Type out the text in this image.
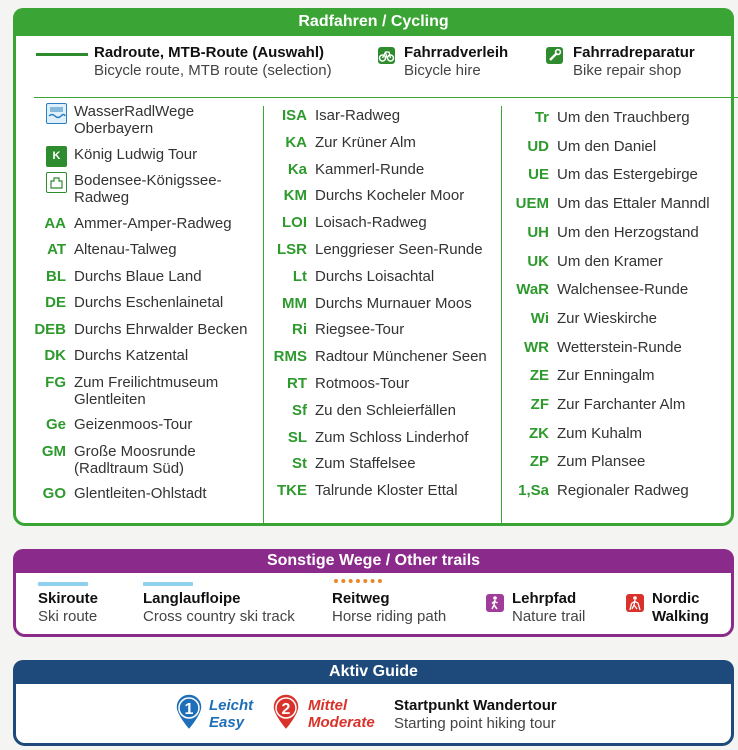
Radfahren / Cycling
Radroute, MTB-Route (Auswahl)
Bicycle route, MTB route (selection)
Fahrradverleih
Bicycle hire
Fahrradreparatur
Bike repair shop
WasserRadlWege
Oberbayern
K König Ludwig Tour
Bodensee-Königssee-
Radweg
AA Ammer-Amper-Radweg
AT Altenau-Talweg
BL Durchs Blaue Land
DE Durchs Eschenlainetal
DEB Durchs Ehrwalder Becken
DK Durchs Katzental
FG Zum Freilichtmuseum
Glentleiten
Ge Geizenmoos-Tour
GM Große Moosrunde
(Radltraum Süd)
GO Glentleiten-Ohlstadt
ISA Isar-Radweg
KA Zur Krüner Alm
Ka Kammerl-Runde
KM Durchs Kocheler Moor
LOI Loisach-Radweg
LSR Lenggrieser Seen-Runde
Lt Durchs Loisachtal
MM Durchs Murnauer Moos
Ri Riegsee-Tour
RMS Radtour Münchener Seen
RT Rotmoos-Tour
Sf Zu den Schleierfällen
SL Zum Schloss Linderhof
St Zum Staffelsee
TKE Talrunde Kloster Ettal
Tr Um den Trauchberg
UD Um den Daniel
UE Um das Estergebirge
UEM Um das Ettaler Manndl
UH Um den Herzogstand
UK Um den Kramer
WaR Walchensee-Runde
Wi Zur Wieskirche
WR Wetterstein-Runde
ZE Zur Enningalm
ZF Zur Farchanter Alm
ZK Zum Kuhalm
ZP Zum Plansee
1,Sa Regionaler Radweg
Sonstige Wege / Other trails
Skiroute
Ski route
Langlaufloipe
Cross country ski track
Reitweg
Horse riding path
Lehrpfad
Nature trail
Nordic
Walking
Aktiv Guide
1 Leicht
Easy
2 Mittel
Moderate
Startpunkt Wandertour
Starting point hiking tour
